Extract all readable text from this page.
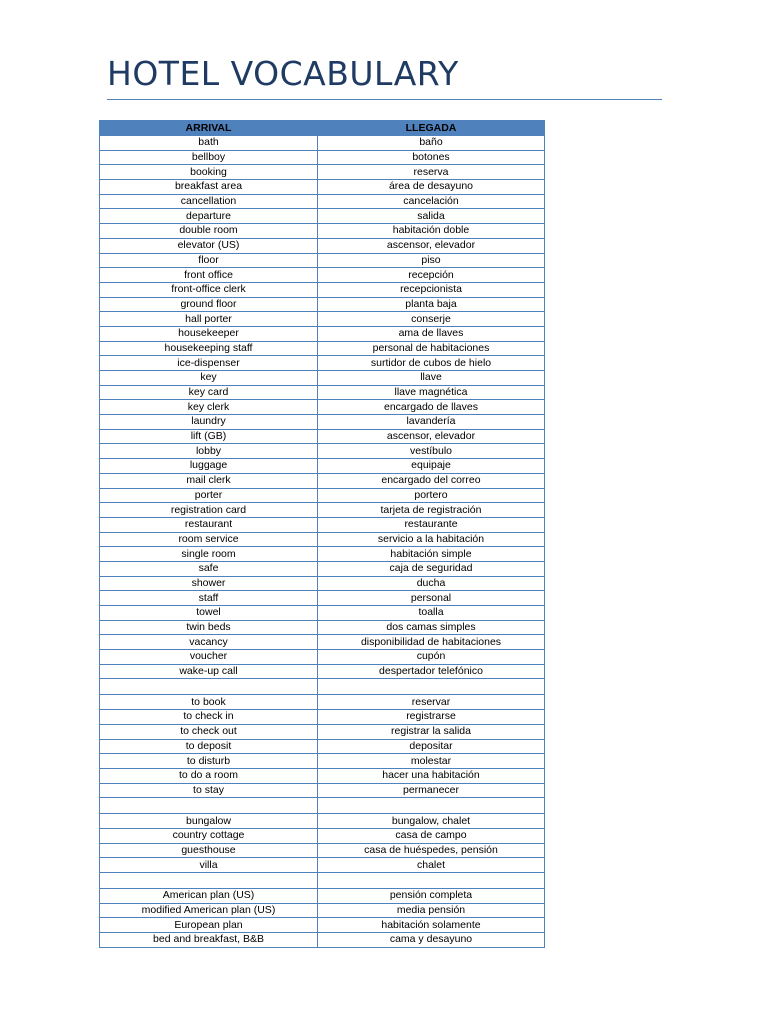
HOTEL VOCABULARY
ARRIVAL	LLEGADA
bath	baño
bellboy	botones
booking	reserva
breakfast area	área de desayuno
cancellation	cancelación
departure	salida
double room	habitación doble
elevator (US)	ascensor, elevador
floor	piso
front office	recepción
front-office clerk	recepcionista
ground floor	planta baja
hall porter	conserje
housekeeper	ama de llaves
housekeeping staff	personal de habitaciones
ice-dispenser	surtidor de cubos de hielo
key	llave
key card	llave magnética
key clerk	encargado de llaves
laundry	lavandería
lift (GB)	ascensor, elevador
lobby	vestíbulo
luggage	equipaje
mail clerk	encargado del correo
porter	portero
registration card	tarjeta de registración
restaurant	restaurante
room service	servicio a la habitación
single room	habitación simple
safe	caja de seguridad
shower	ducha
staff	personal
towel	toalla
twin beds	dos camas simples
vacancy	disponibilidad de habitaciones
voucher	cupón
wake-up call	despertador telefónico

to book	reservar
to check in	registrarse
to check out	registrar la salida
to deposit	depositar
to disturb	molestar
to do a room	hacer una habitación
to stay	permanecer

bungalow	bungalow, chalet
country cottage	casa de campo
guesthouse	casa de huéspedes, pensión
villa	chalet

American plan (US)	pensión completa
modified American plan (US)	media pensión
European plan	habitación solamente
bed and breakfast, B&B	cama y desayuno
